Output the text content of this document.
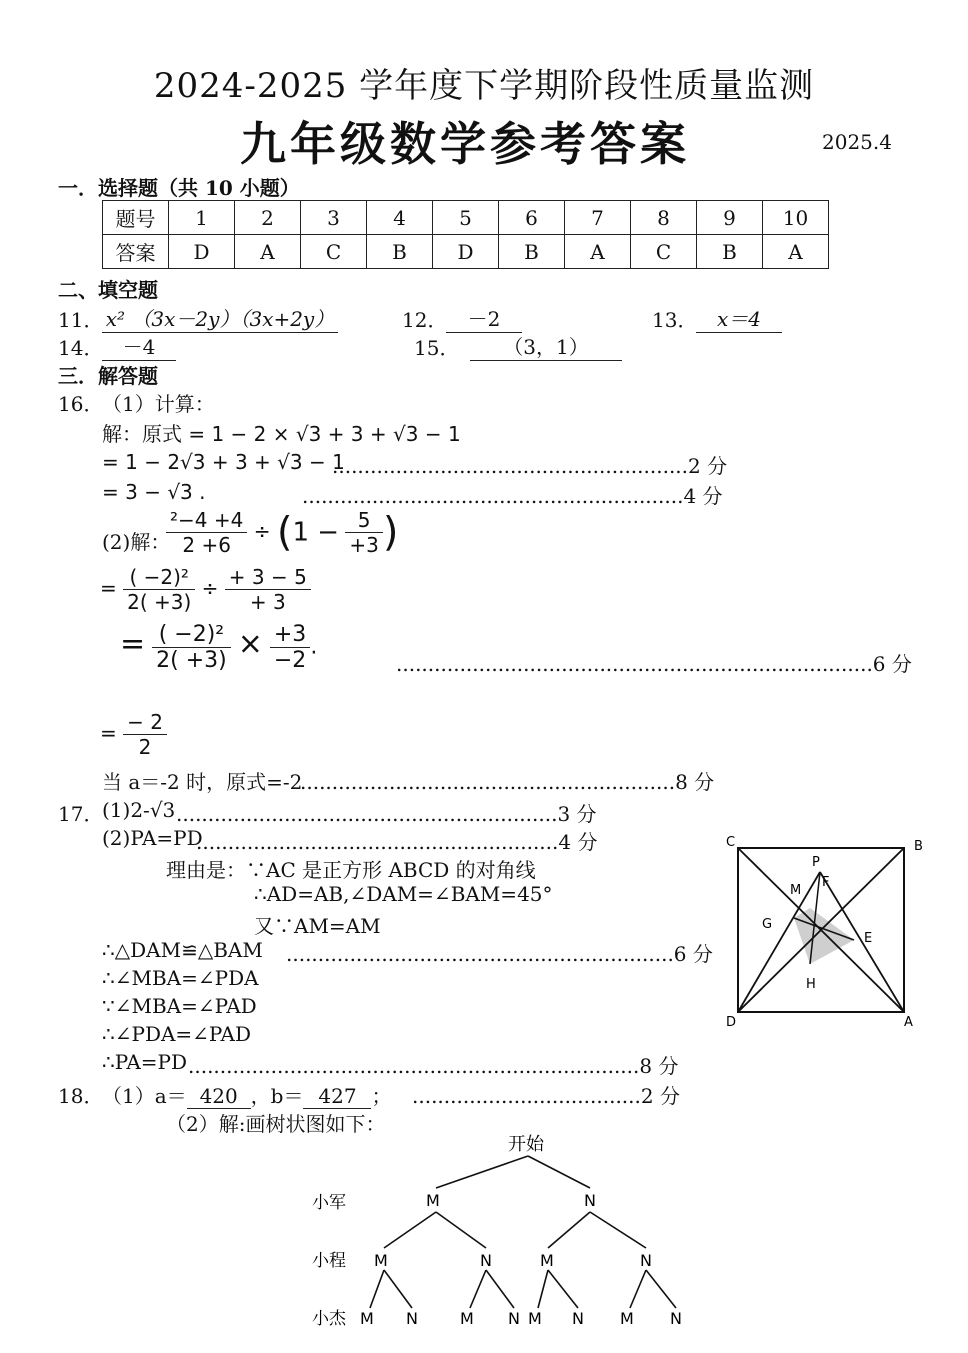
2024-2025 学年度下学期阶段性质量监测
九年级数学参考答案	2025.4
一．选择题（共 10 小题）
题号	1	2	3	4	5	6	7	8	9	10
答案	D	A	C	B	D	B	A	C	B	A
二、填空题
11． x² （3x－2y）（3x+2y）	12．	－2	13． x＝4
14． －4	15．	（3，1）
三．解答题
16．
（1）计算：
解：原式 = 1 − 2 × √3 + 3 + √3 − 1
= 1 − 2√3 + 3 + √3 − 1
........................................................2 分
= 3 − √3 .	............................................................4 分
(2)解：
$\frac{\text{²−4 +4}}{2 +6} \div (1 - \frac{5}{+3}$ )
= $\frac{\text{( −2)²}}{2( +3)} \div \frac{+ 3 - 5}{+ 3}$
= $\frac{\text{( −2)²}}{2( +3)} \times \frac{+3}{-2}$ .
...........................................................................6 分
= $\frac{- 2}{2}$
当 a＝-2 时，原式=-2
...........................................................8 分
17．
(1)2-√3 ............................................................3 分
(2)PA=PD
.........................................................4 分
理由是：∵AC 是正方形 ABCD 的对角线
∴AD=AB,∠DAM=∠BAM=45°
又∵AM=AM
∴△DAM≌△BAM .............................................................6 分
∴∠MBA=∠PDA
∵∠MBA=∠PAD
∴∠PDA=∠PAD
∴PA=PD .......................................................................8 分
C	B
P
M
F
G
E
H
D	A
18．
（1）a＝ 420 ，b＝ 427 ； ....................................2 分
（2）解:画树状图如下：
开始
小军
小程
小杰
M	N
M	N	M	N
M N	M N M N M N
